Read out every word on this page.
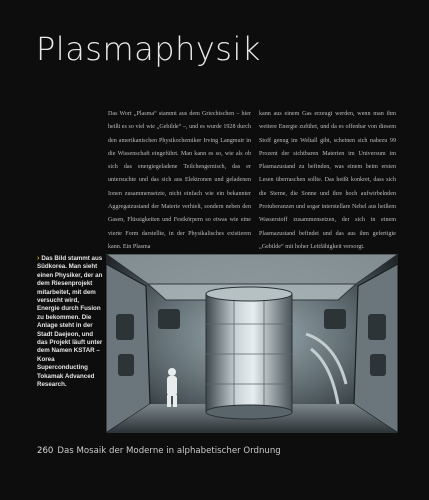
Plasmaphysik
Das Wort „Plasma“ stammt aus dem Griechischen – hier heißt es so viel wie „Gebilde“ –, und es wurde 1928 durch den amerikanischen Physikochemiker Irving Langmuir in die Wissenschaft eingeführt. Man kann es so, wie als ob sich das energiegeladene Teilchengemisch, das er untersuchte und das sich aus Elektronen und geladenen Ionen zusammensetzte, nicht einfach wie ein bekannter Aggregatzustand der Materie verhielt, sondern neben den Gasen, Flüssigkeiten und Festkörpern so etwas wie eine vierte Form darstellte, in der Physikalisches existieren kann. Ein Plasma
kann aus einem Gas erzeugt werden, wenn man ihm weitere Energie zuführt, und da es offenbar von diesem Stoff genug im Weltall gibt, scheinen sich nahezu 99 Prozent der sichtbaren Materien im Universum im Plasmazustand zu befinden, was einem beim ersten Lesen überraschen sollte. Das heißt konkret, dass sich die Sterne, die Sonne und ihre hoch aufwirbelnden Protuberanzen und sogar interstellare Nebel aus heißem Wasserstoff zusammensetzen, der sich in einem Plasmazustand befindet und das aus ihm gefertigte „Gebilde“ mit hoher Leitfähigkeit versorgt.
› Das Bild stammt aus Südkorea. Man sieht einen Physiker, der an dem Riesenprojekt mitarbeitet, mit dem versucht wird, Energie durch Fusion zu bekommen. Die Anlage steht in der Stadt Daejeon, und das Projekt läuft unter dem Namen KSTAR – Korea Superconducting Tokamak Advanced Research.
260 Das Mosaik der Moderne in alphabetischer Ordnung
